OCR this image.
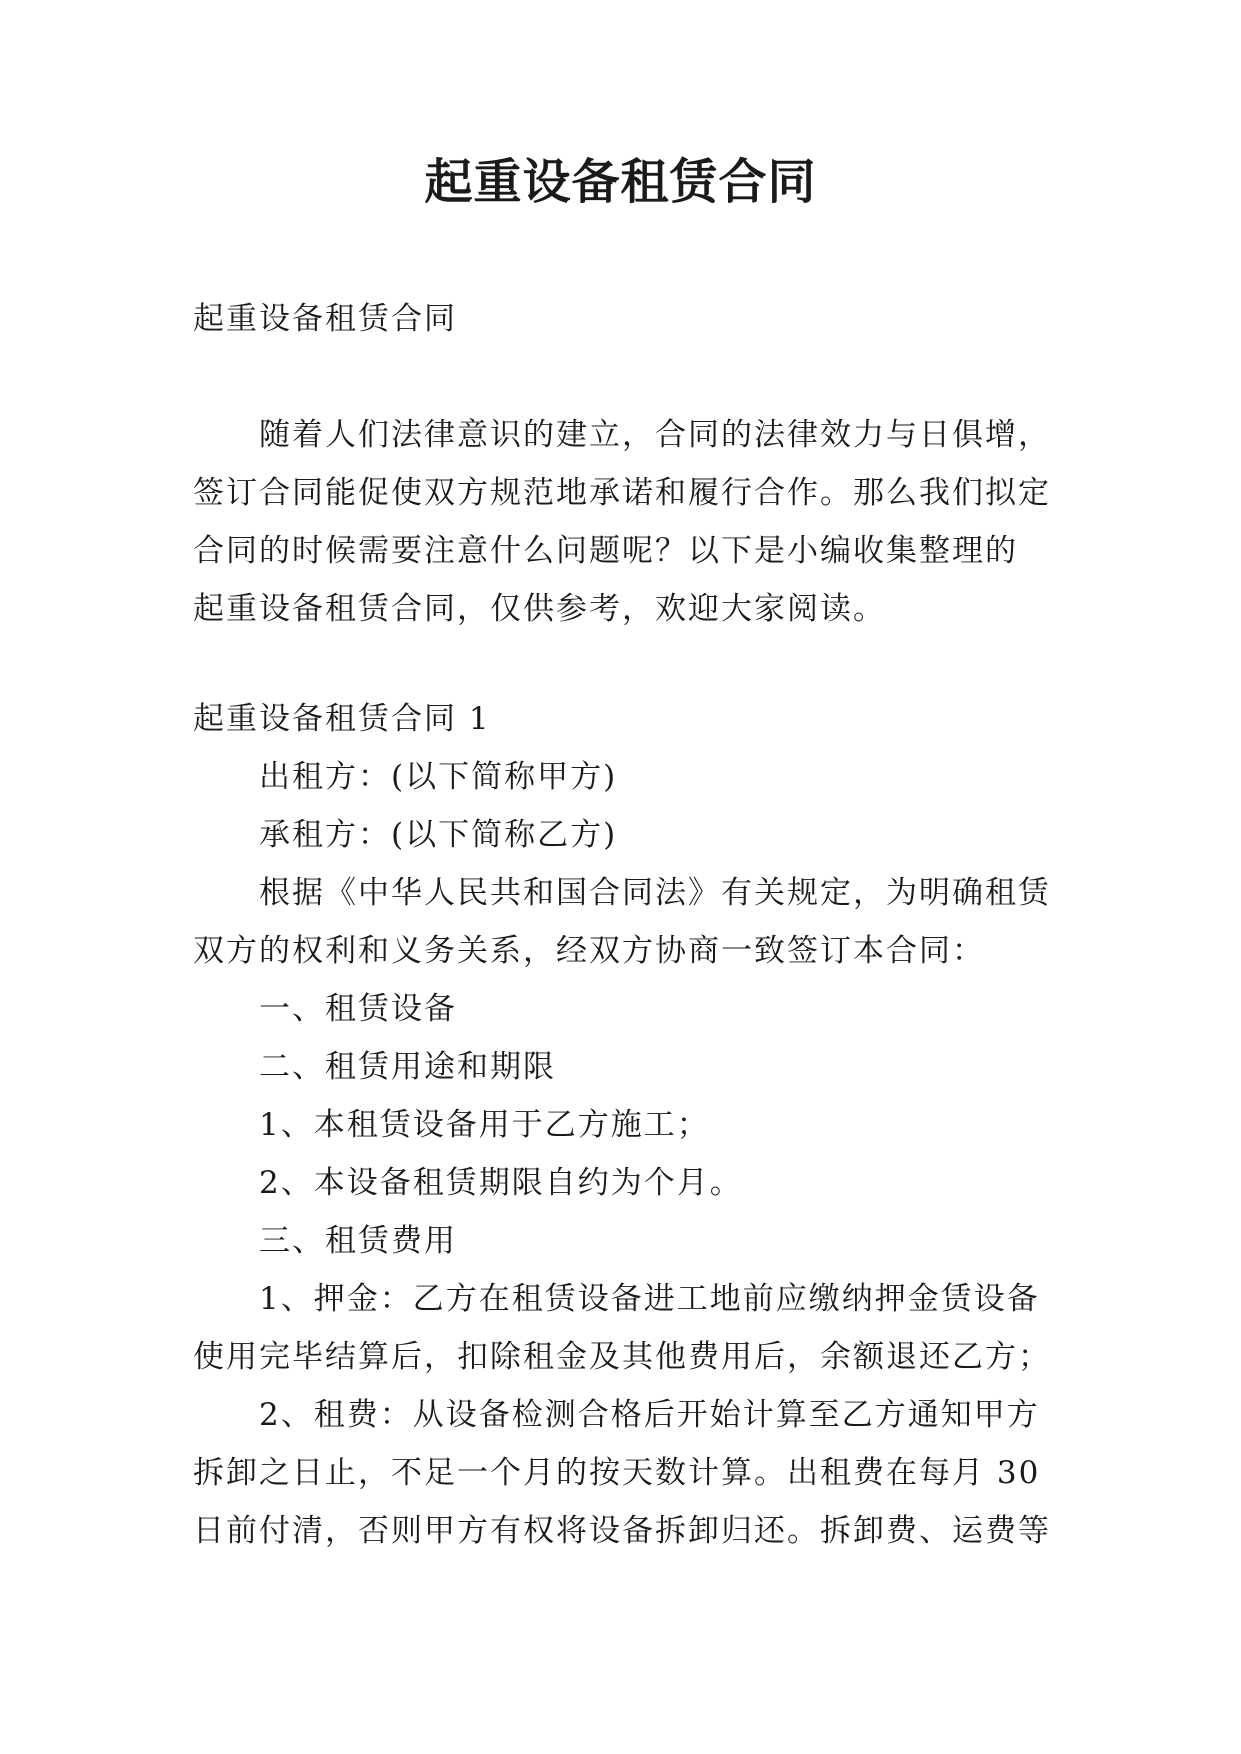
起重设备租赁合同

起重设备租赁合同

随着人们法律意识的建立，合同的法律效力与日俱增，

签订合同能促使双方规范地承诺和履行合作。那么我们拟定

合同的时候需要注意什么问题呢？以下是小编收集整理的

起重设备租赁合同，仅供参考，欢迎大家阅读。

起重设备租赁合同 1

出租方：(以下简称甲方)

承租方：(以下简称乙方)

根据《中华人民共和国合同法》有关规定，为明确租赁

双方的权利和义务关系，经双方协商一致签订本合同：

一、租赁设备

二、租赁用途和期限

1、本租赁设备用于乙方施工；

2、本设备租赁期限自约为个月。

三、租赁费用

1、押金：乙方在租赁设备进工地前应缴纳押金赁设备

使用完毕结算后，扣除租金及其他费用后，余额退还乙方；

2、租费：从设备检测合格后开始计算至乙方通知甲方

拆卸之日止，不足一个月的按天数计算。出租费在每月 30

日前付清，否则甲方有权将设备拆卸归还。拆卸费、运费等
